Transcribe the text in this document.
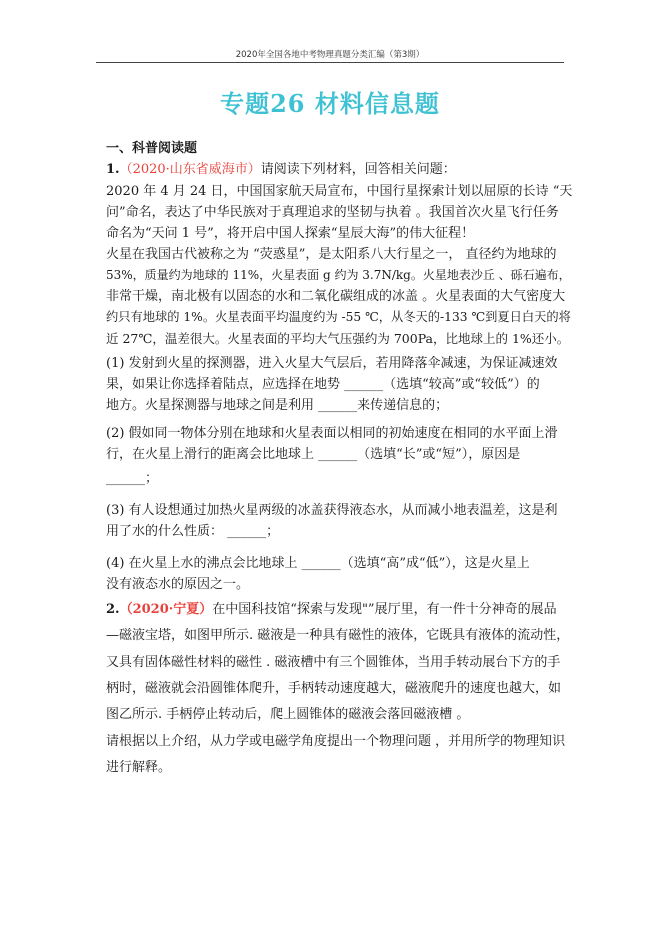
2020年全国各地中考物理真题分类汇编（第3期）
专题26 材料信息题
一、科普阅读题
1.（2020·山东省威海市）请阅读下列材料，回答相关问题：
2020 年 4 月 24 日，中国国家航天局宣布，中国行星探索计划以屈原的长诗 “天
问”命名，表达了中华民族对于真理追求的坚韧与执着 。我国首次火星飞行任务
命名为“天问 1 号”，将开启中国人探索“星辰大海”的伟大征程！
火星在我国古代被称之为 “荧惑星”，是太阳系八大行星之一， 直径约为地球的
53%，质量约为地球的 11%，火星表面 g 约为 3.7N/kg。火星地表沙丘 、砾石遍布，
非常干燥，南北极有以固态的水和二氧化碳组成的冰盖 。火星表面的大气密度大
约只有地球的 1%。火星表面平均温度约为 -55 ℃，从冬天的-133 ℃到夏日白天的将
近 27℃，温差很大。火星表面的平均大气压强约为 700Pa，比地球上的 1%还小。
(1) 发射到火星的探测器，进入火星大气层后，若用降落伞减速，为保证减速效
果，如果让你选择着陆点，应选择在地势 ______（选填“较高”或“较低”）的
地方。火星探测器与地球之间是利用 ______来传递信息的；
(2) 假如同一物体分别在地球和火星表面以相同的初始速度在相同的水平面上滑
行，在火星上滑行的距离会比地球上 ______（选填“长”或“短”），原因是
______；
(3) 有人设想通过加热火星两级的冰盖获得液态水，从而减小地表温差，这是利
用了水的什么性质： ______；
(4) 在火星上水的沸点会比地球上 ______（选填“高”成“低”），这是火星上
没有液态水的原因之一。
2.（2020·宁夏）在中国科技馆“探索与发现"”展厅里，有一件十分神奇的展品
—磁液宝塔，如图甲所示. 磁液是一种具有磁性的液体，它既具有液体的流动性，
又具有固体磁性材料的磁性 . 磁液槽中有三个圆锥体，当用手转动展台下方的手
柄时，磁液就会沿圆锥体爬升，手柄转动速度越大，磁液爬升的速度也越大，如
图乙所示. 手柄停止转动后，爬上圆锥体的磁液会落回磁液槽 。
请根据以上介绍，从力学或电磁学角度提出一个物理问题 ，并用所学的物理知识
进行解释。
